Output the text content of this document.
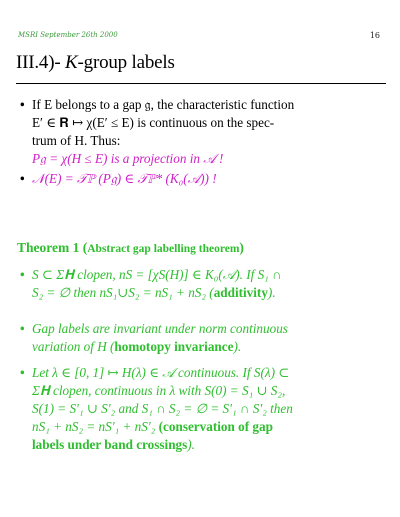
MSRI September 26th 2000	16
III.4)- K-group labels
• If E belongs to a gap 𝔤, the characteristic function
E′ ∈ 𝐑 ↦ χ(E′ ≤ E) is continuous on the spec-
trum of H. Thus:
P𝔤 = χ(H ≤ E) is a projection in 𝒜 !
• 𝒩(E) = 𝒯ℙ (P𝔤) ∈ 𝒯ℙ* (K₀(𝒜)) !
Theorem 1 (Abstract gap labelling theorem)
• S ⊂ Σ𝐇 clopen, nS = [χS(H)] ∈ K₀(𝒜). If S₁ ∩
S₂ = ∅ then nS₁∪S₂ = nS₁ + nS₂ (additivity).
• Gap labels are invariant under norm continuous
variation of H (homotopy invariance).
• Let λ ∈ [0, 1] ↦ H(λ) ∈ 𝒜 continuous. If S(λ) ⊂
Σ𝐇 clopen, continuous in λ with S(0) = S₁ ∪ S₂,
S(1) = S′₁ ∪ S′₂ and S₁ ∩ S₂ = ∅ = S′₁ ∩ S′₂ then
nS₁ + nS₂ = nS′₁ + nS′₂ (conservation of gap
labels under band crossings).
